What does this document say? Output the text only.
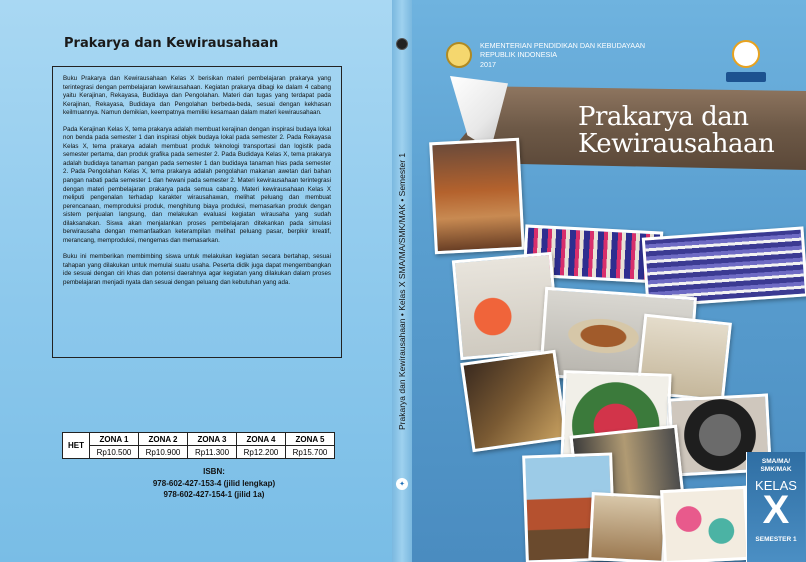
Prakarya dan Kewirausahaan

Buku Prakarya dan Kewirausahaan Kelas X berisikan materi pembelajaran prakarya yang terintegrasi dengan pembelajaran kewirausahaan. Kegiatan prakarya dibagi ke dalam 4 cabang yaitu Kerajinan, Rekayasa, Budidaya dan Pengolahan. Materi dan tugas yang terdapat pada Kerajinan, Rekayasa, Budidaya dan Pengolahan berbeda-beda, sesuai dengan kekhasan keilmuannya. Namun demikian, keempatnya memiliki kesamaan dalam materi kewirausahaan.

Pada Kerajinan Kelas X, tema prakarya adalah membuat kerajinan dengan inspirasi budaya lokal non benda pada semester 1 dan inspirasi objek budaya lokal pada semester 2. Pada Rekayasa Kelas X, tema prakarya adalah membuat produk teknologi transportasi dan logistik pada semester pertama, dan produk grafika pada semester 2. Pada Budidaya Kelas X, tema prakarya adalah budidaya tanaman pangan pada semester 1 dan budidaya tanaman hias pada semester 2. Pada Pengolahan Kelas X, tema prakarya adalah pengolahan makanan awetan dari bahan pangan nabati pada semester 1 dan hewani pada semester 2. Materi kewirausahaan terintegrasi dengan materi pembelajaran prakarya pada semua cabang. Materi kewirausahaan Kelas X meliputi pengenalan terhadap karakter wirausahawan, melihat peluang dan membuat perencanaan, memproduksi produk, menghitung biaya produksi, memasarkan produk dengan sistem penjualan langsung, dan melakukan evaluasi kegiatan wirausaha yang sudah dilaksanakan. Siswa akan menjalankan proses pembelajaran ditekankan pada simulasi berwirausaha dengan memanfaatkan keterampilan melihat peluang pasar, berpikir kreatif, merancang, memproduksi, mengemas dan memasarkan.

Buku ini memberikan membimbing siswa untuk melakukan kegiatan secara bertahap, sesuai tahapan yang dilakukan untuk memulai suatu usaha. Peserta didik juga dapat mengembangkan ide sesuai dengan ciri khas dan potensi daerahnya agar kegiatan yang dilakukan dalam proses pembelajaran menjadi nyata dan sesuai dengan peluang dan kebutuhan yang ada.

HET	ZONA 1	ZONA 2	ZONA 3	ZONA 4	ZONA 5
	Rp10.500	Rp10.900	Rp11.300	Rp12.200	Rp15.700
ISBN:
978-602-427-153-4 (jilid lengkap)
978-602-427-154-1 (jilid 1a)
Prakarya dan Kewirausahaan • Kelas X SMA/MA/SMK/MAK • Semester 1
✦
KEMENTERIAN PENDIDIKAN DAN KEBUDAYAAN
REPUBLIK INDONESIA
2017
Prakarya dan
Kewirausahaan
SMA/MA/
SMK/MAK
KELAS
X
SEMESTER 1
